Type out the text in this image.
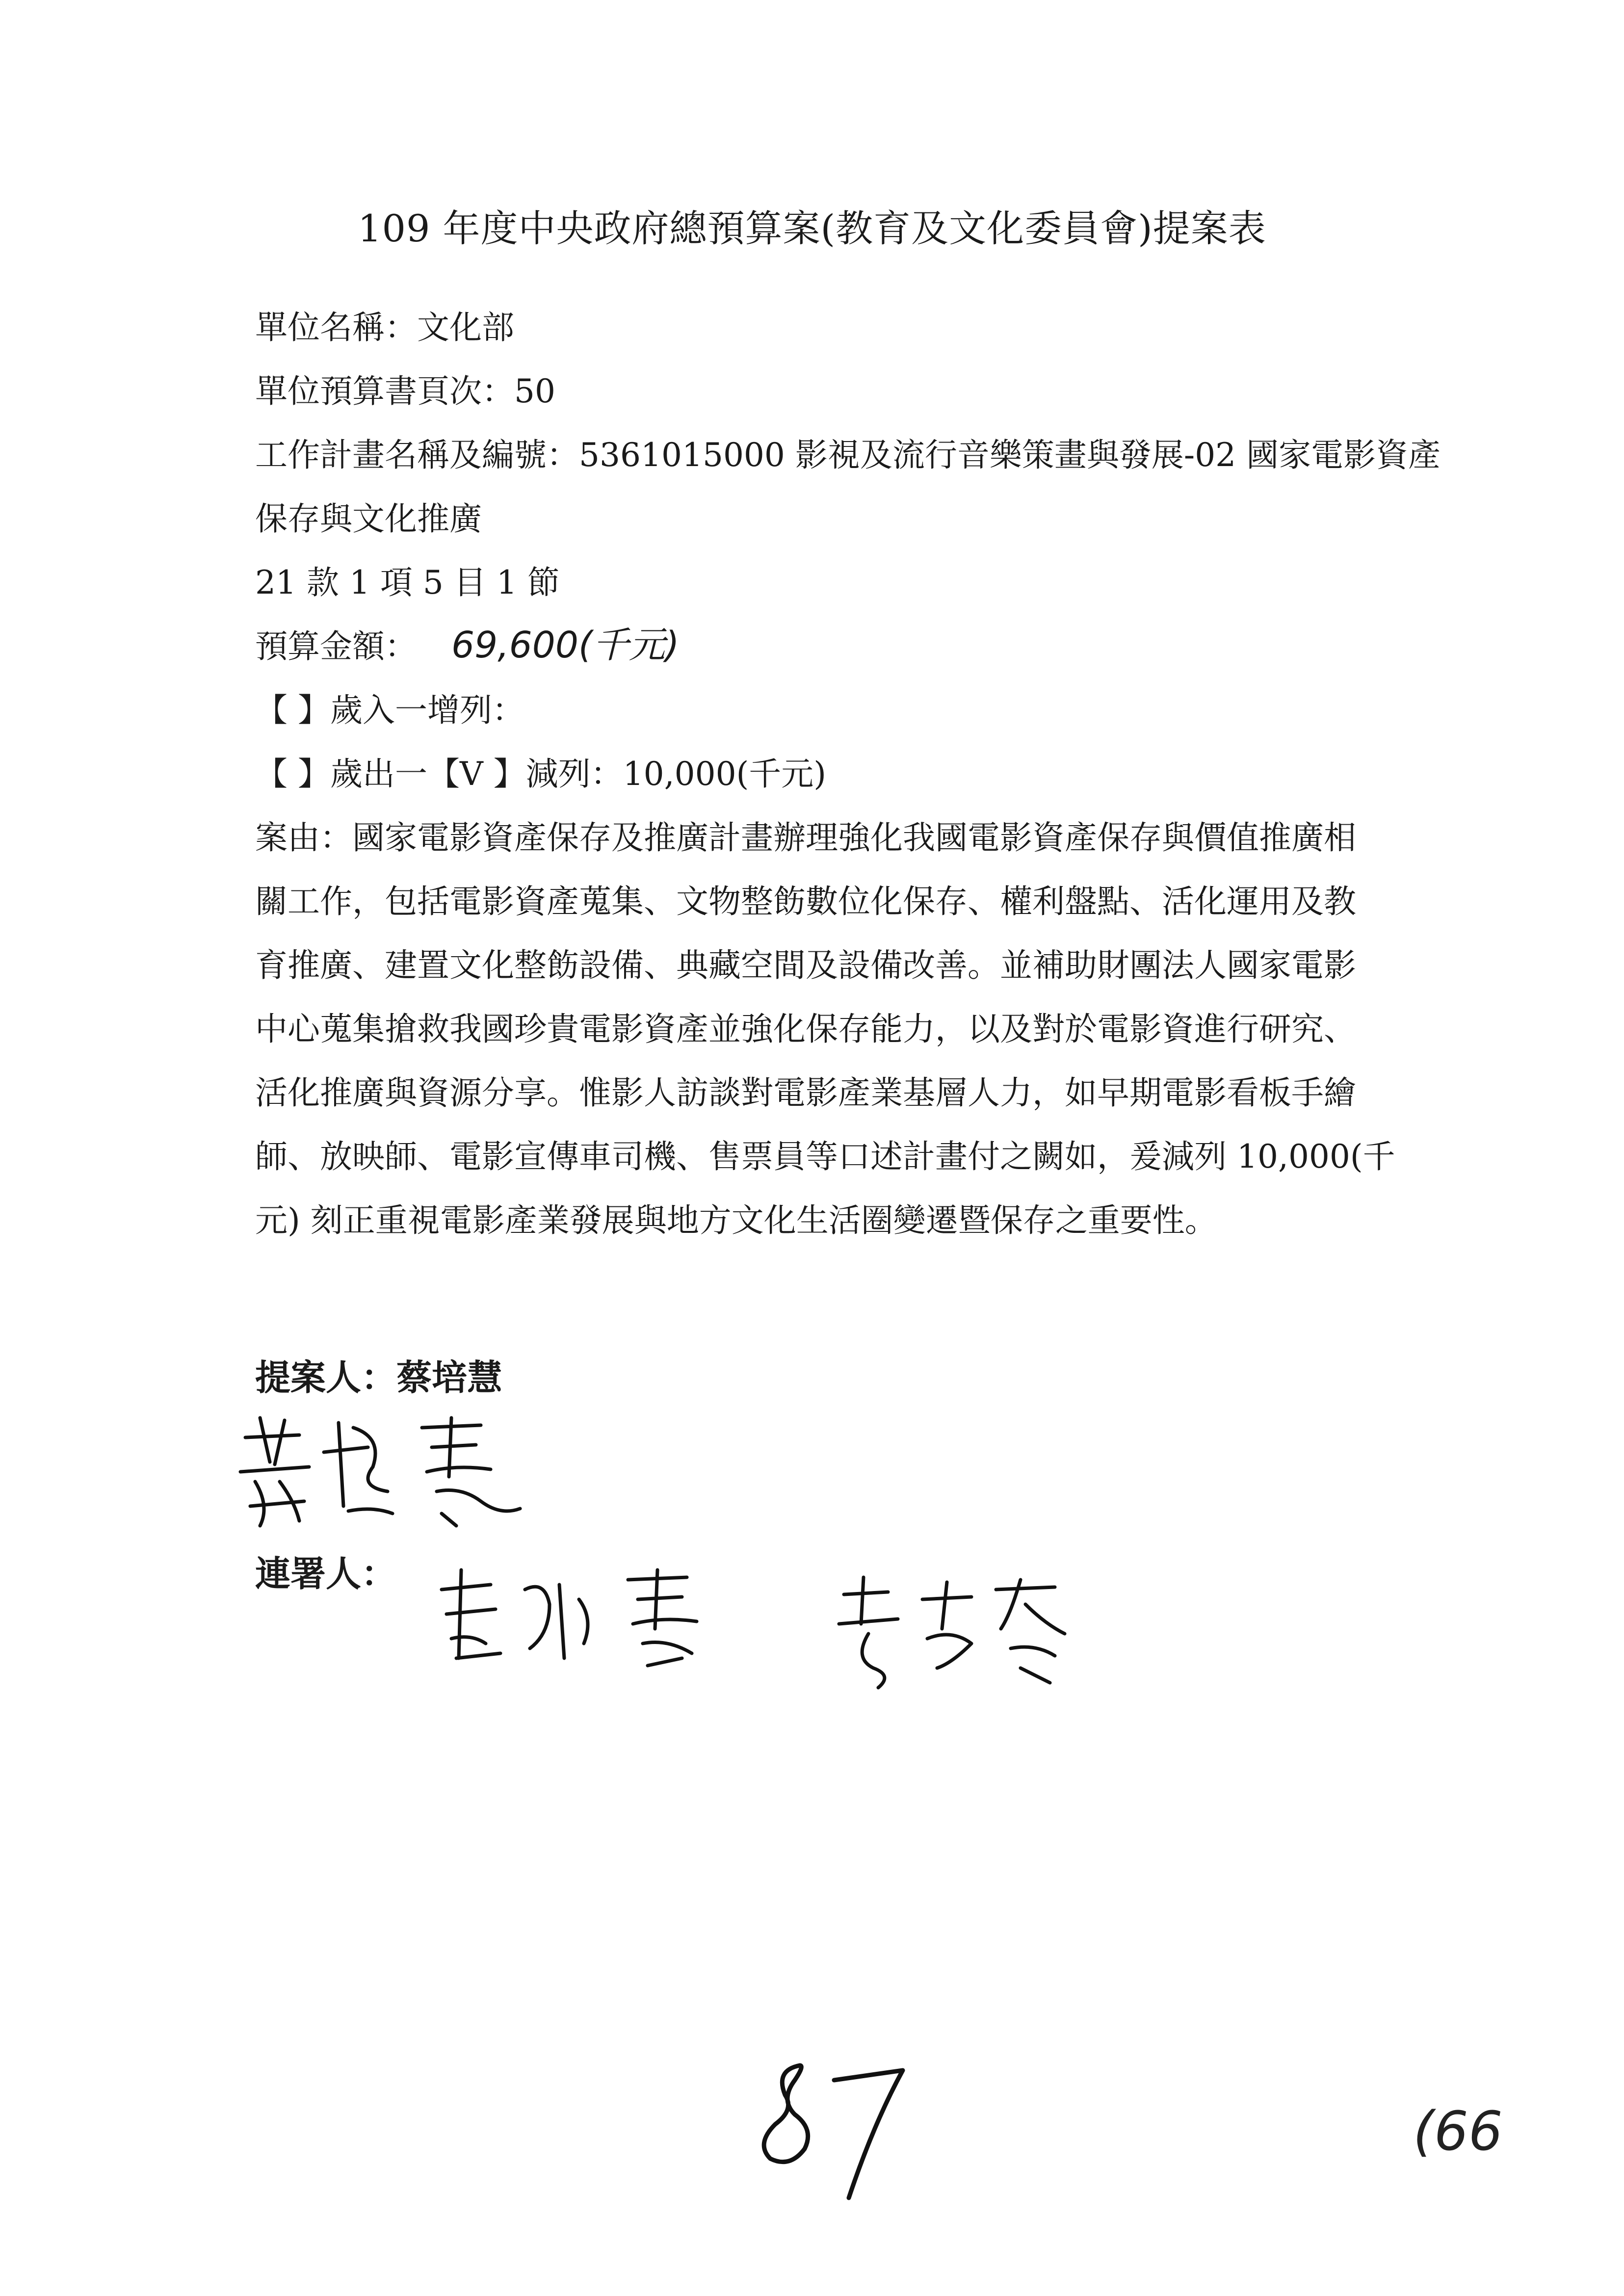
109 年度中央政府總預算案(教育及文化委員會)提案表
單位名稱：文化部
單位預算書頁次：50
工作計畫名稱及編號：5361015000 影視及流行音樂策畫與發展-02 國家電影資產
保存與文化推廣
21 款 1 項 5 目 1 節
預算金額： 69,600(千元)
【 】歲入一增列：
【 】歲出一【V 】減列：10,000(千元)
案由：國家電影資產保存及推廣計畫辦理強化我國電影資產保存與價值推廣相
關工作，包括電影資產蒐集、文物整飭數位化保存、權利盤點、活化運用及教
育推廣、建置文化整飭設備、典藏空間及設備改善。並補助財團法人國家電影
中心蒐集搶救我國珍貴電影資產並強化保存能力，以及對於電影資進行研究、
活化推廣與資源分享。惟影人訪談對電影產業基層人力，如早期電影看板手繪
師、放映師、電影宣傳車司機、售票員等口述計畫付之闕如，爰減列 10,000(千
元) 刻正重視電影產業發展與地方文化生活圈變遷暨保存之重要性。
提案人：蔡培慧
連署人：
87	(66
